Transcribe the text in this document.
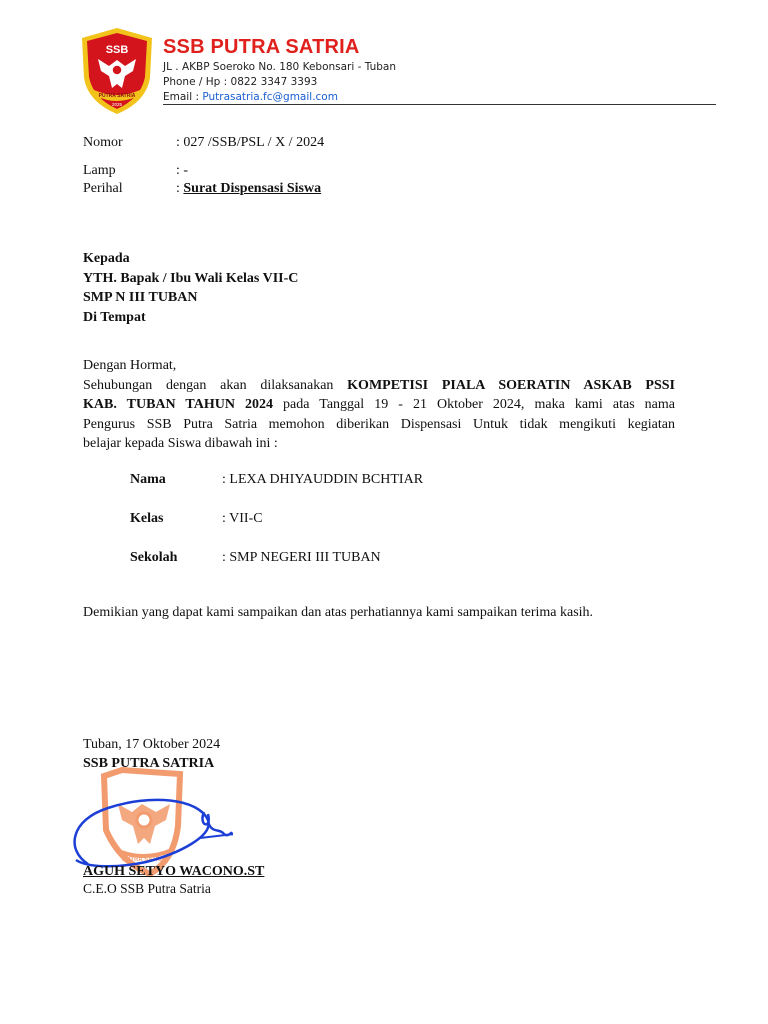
SSB
PUTRA SATRIA
2025
SSB PUTRA SATRIA
JL . AKBP Soeroko No. 180 Kebonsari - Tuban
Phone / Hp : 0822 3347 3393
Email : Putrasatria.fc@gmail.com
Nomor	: 027 /SSB/PSL / X / 2024
Lamp	: -
Perihal	: Surat Dispensasi Siswa
Kepada
YTH. Bapak / Ibu Wali Kelas VII-C
SMP N III TUBAN
Di Tempat
Dengan Hormat,
Sehubungan dengan akan dilaksanakan KOMPETISI PIALA SOERATIN ASKAB PSSI
KAB. TUBAN TAHUN 2024 pada Tanggal 19 - 21 Oktober 2024, maka kami atas nama
Pengurus SSB Putra Satria memohon diberikan Dispensasi Untuk tidak mengikuti kegiatan
belajar kepada Siswa dibawah ini :
Nama	: LEXA DHIYAUDDIN BCHTIAR
Kelas	: VII-C
Sekolah	: SMP NEGERI III TUBAN
Demikian yang dapat kami sampaikan dan atas perhatiannya kami sampaikan terima kasih.
Tuban, 17 Oktober 2024
SSB PUTRA SATRIA
PUTRA SATRIA
AGUH SETYO WACONO.ST
C.E.O SSB Putra Satria
